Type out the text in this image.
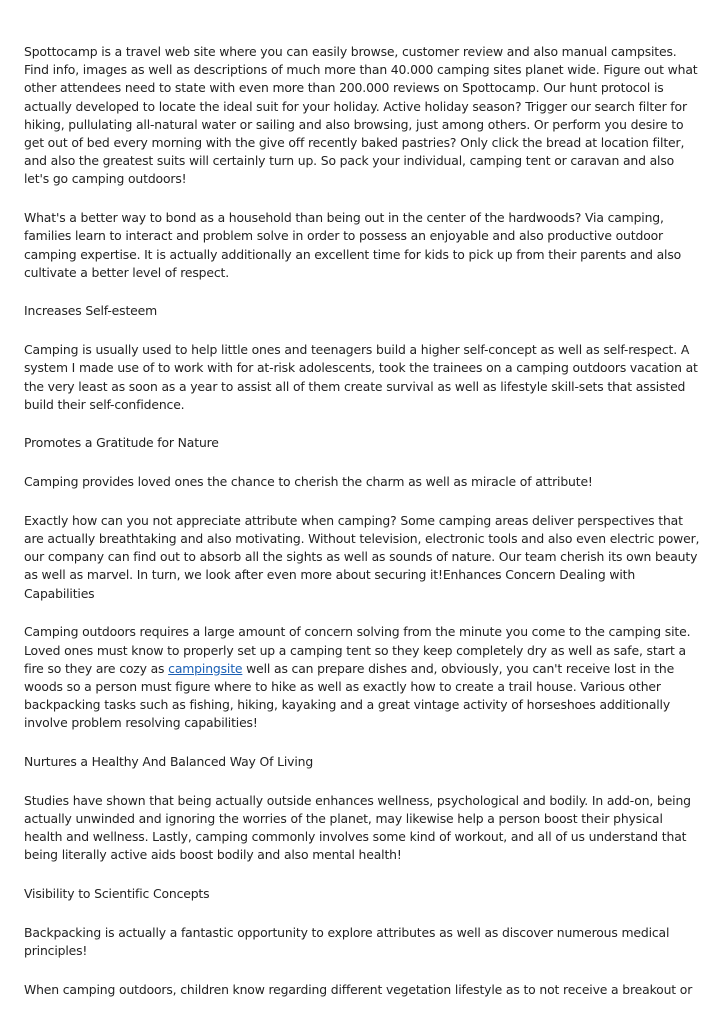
Spottocamp is a travel web site where you can easily browse, customer review and also manual campsites. Find info, images as well as descriptions of much more than 40.000 camping sites planet wide. Figure out what other attendees need to state with even more than 200.000 reviews on Spottocamp. Our hunt protocol is actually developed to locate the ideal suit for your holiday. Active holiday season? Trigger our search filter for hiking, pullulating all-natural water or sailing and also browsing, just among others. Or perform you desire to get out of bed every morning with the give off recently baked pastries? Only click the bread at location filter, and also the greatest suits will certainly turn up. So pack your individual, camping tent or caravan and also let's go camping outdoors!

What's a better way to bond as a household than being out in the center of the hardwoods? Via camping, families learn to interact and problem solve in order to possess an enjoyable and also productive outdoor camping expertise. It is actually additionally an excellent time for kids to pick up from their parents and also cultivate a better level of respect.

Increases Self-esteem

Camping is usually used to help little ones and teenagers build a higher self-concept as well as self-respect. A system I made use of to work with for at-risk adolescents, took the trainees on a camping outdoors vacation at the very least as soon as a year to assist all of them create survival as well as lifestyle skill-sets that assisted build their self-confidence.

Promotes a Gratitude for Nature

Camping provides loved ones the chance to cherish the charm as well as miracle of attribute!

Exactly how can you not appreciate attribute when camping? Some camping areas deliver perspectives that are actually breathtaking and also motivating. Without television, electronic tools and also even electric power, our company can find out to absorb all the sights as well as sounds of nature. Our team cherish its own beauty as well as marvel. In turn, we look after even more about securing it!Enhances Concern Dealing with Capabilities

Camping outdoors requires a large amount of concern solving from the minute you come to the camping site. Loved ones must know to properly set up a camping tent so they keep completely dry as well as safe, start a fire so they are cozy as campingsite well as can prepare dishes and, obviously, you can't receive lost in the woods so a person must figure where to hike as well as exactly how to create a trail house. Various other backpacking tasks such as fishing, hiking, kayaking and a great vintage activity of horseshoes additionally involve problem resolving capabilities!

Nurtures a Healthy And Balanced Way Of Living

Studies have shown that being actually outside enhances wellness, psychological and bodily. In add-on, being actually unwinded and ignoring the worries of the planet, may likewise help a person boost their physical health and wellness. Lastly, camping commonly involves some kind of workout, and all of us understand that being literally active aids boost bodily and also mental health!

Visibility to Scientific Concepts

Backpacking is actually a fantastic opportunity to explore attributes as well as discover numerous medical principles!

When camping outdoors, children know regarding different vegetation lifestyle as to not receive a breakout or
